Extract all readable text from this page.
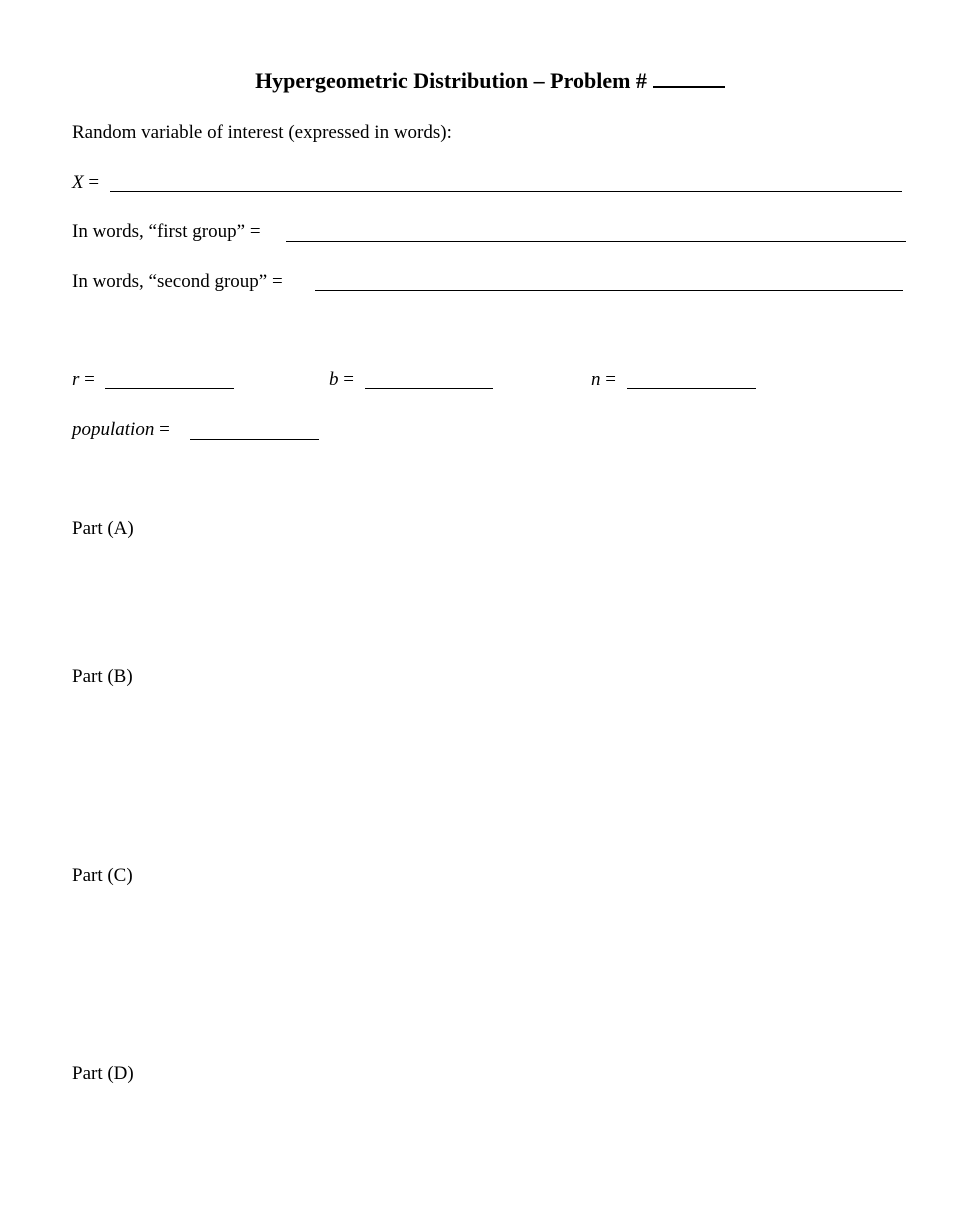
Hypergeometric Distribution – Problem #
Random variable of interest (expressed in words):
X =
In words, “first group” =
In words, “second group” =
r =	b =	n =
population =
Part (A)
Part (B)
Part (C)
Part (D)
